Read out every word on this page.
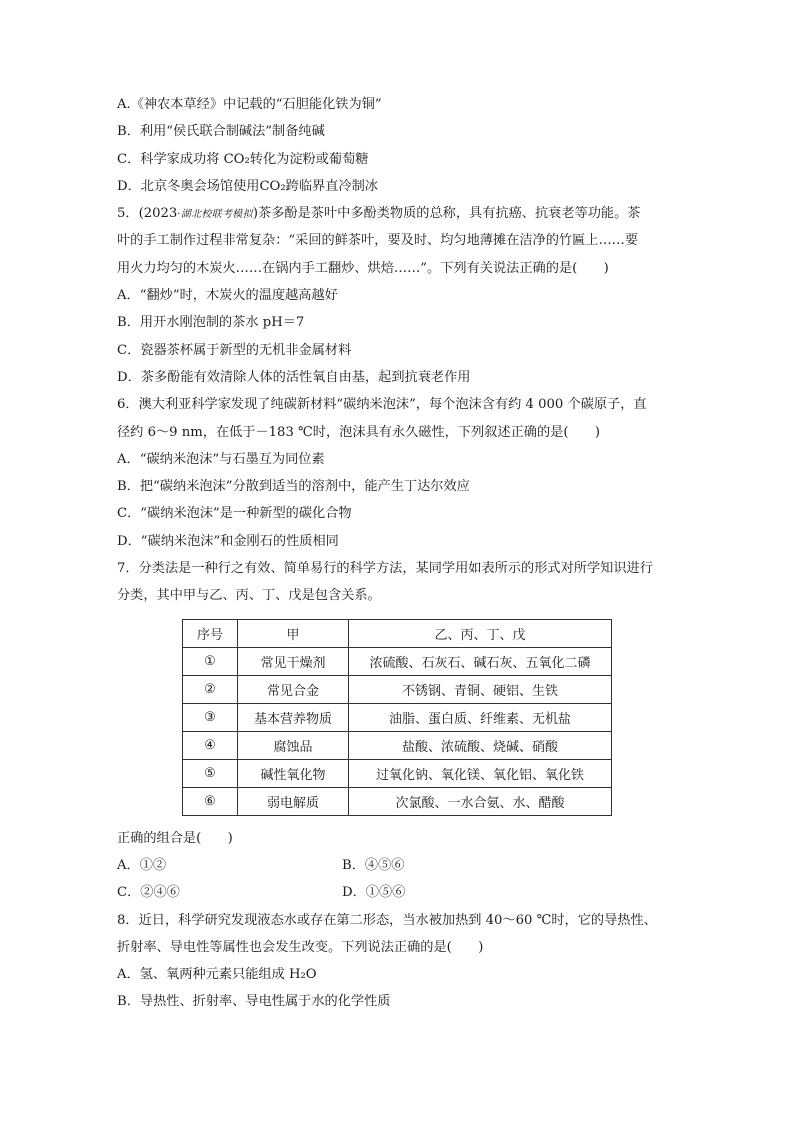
A.《神农本草经》中记载的“石胆能化铁为铜”
B．利用“侯氏联合制碱法”制备纯碱
C．科学家成功将 CO₂转化为淀粉或葡萄糖
D．北京冬奥会场馆使用CO₂跨临界直冷制冰
5．(2023·湖北校联考模拟)茶多酚是茶叶中多酚类物质的总称，具有抗癌、抗衰老等功能。茶
叶的手工制作过程非常复杂：“采回的鲜茶叶，要及时、均匀地薄摊在洁净的竹匾上……要
用火力均匀的木炭火……在锅内手工翻炒、烘焙……”。下列有关说法正确的是(　　)
A．“翻炒”时，木炭火的温度越高越好
B．用开水刚泡制的茶水 pH＝7
C．瓷器茶杯属于新型的无机非金属材料
D．茶多酚能有效清除人体的活性氧自由基，起到抗衰老作用
6．澳大利亚科学家发现了纯碳新材料“碳纳米泡沫”，每个泡沫含有约 4 000 个碳原子，直
径约 6～9 nm，在低于－183 ℃时，泡沫具有永久磁性，下列叙述正确的是(　　)
A．“碳纳米泡沫”与石墨互为同位素
B．把“碳纳米泡沫”分散到适当的溶剂中，能产生丁达尔效应
C．“碳纳米泡沫”是一种新型的碳化合物
D．“碳纳米泡沫”和金刚石的性质相同
7．分类法是一种行之有效、简单易行的科学方法，某同学用如表所示的形式对所学知识进行
分类，其中甲与乙、丙、丁、戊是包含关系。
序号	甲	乙、丙、丁、戊
①	常见干燥剂	浓硫酸、石灰石、碱石灰、五氧化二磷
②	常见合金	不锈钢、青铜、硬铝、生铁
③	基本营养物质	油脂、蛋白质、纤维素、无机盐
④	腐蚀品	盐酸、浓硫酸、烧碱、硝酸
⑤	碱性氧化物	过氧化钠、氧化镁、氧化铝、氧化铁
⑥	弱电解质	次氯酸、一水合氨、水、醋酸
正确的组合是(　　)
A．①②	B．④⑤⑥
C．②④⑥	D．①⑤⑥
8．近日，科学研究发现液态水或存在第二形态，当水被加热到 40～60 ℃时，它的导热性、
折射率、导电性等属性也会发生改变。下列说法正确的是(　　)
A．氢、氧两种元素只能组成 H₂O
B．导热性、折射率、导电性属于水的化学性质
